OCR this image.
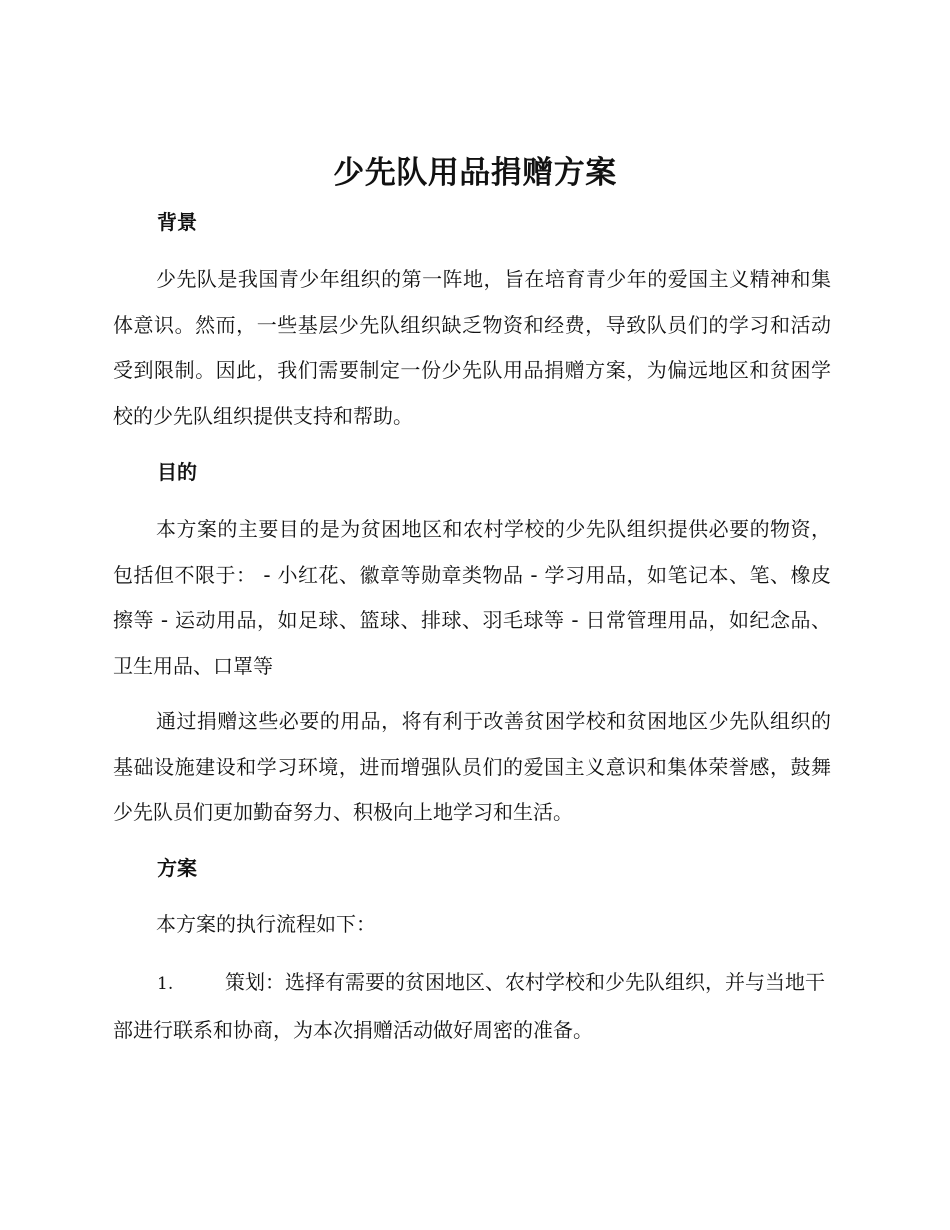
少先队用品捐赠方案
背景

少先队是我国青少年组织的第一阵地，旨在培育青少年的爱国主义精神和集体意识。然而，一些基层少先队组织缺乏物资和经费，导致队员们的学习和活动受到限制。因此，我们需要制定一份少先队用品捐赠方案，为偏远地区和贫困学校的少先队组织提供支持和帮助。

目的

本方案的主要目的是为贫困地区和农村学校的少先队组织提供必要的物资，包括但不限于： - 小红花、徽章等勋章类物品 - 学习用品，如笔记本、笔、橡皮擦等 - 运动用品，如足球、篮球、排球、羽毛球等 - 日常管理用品，如纪念品、卫生用品、口罩等

通过捐赠这些必要的用品，将有利于改善贫困学校和贫困地区少先队组织的基础设施建设和学习环境，进而增强队员们的爱国主义意识和集体荣誉感，鼓舞少先队员们更加勤奋努力、积极向上地学习和生活。

方案

本方案的执行流程如下：

1.	策划：选择有需要的贫困地区、农村学校和少先队组织，并与当地干部进行联系和协商，为本次捐赠活动做好周密的准备。
